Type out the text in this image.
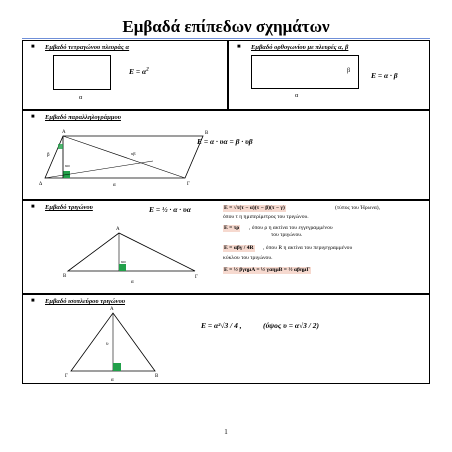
Εμβαδά επίπεδων σχημάτων
■ Εμβαδό τετραγώνου πλευράς α
α
$E = \alpha^2$
■ Εμβαδό ορθογωνίου με πλευρές α, β
β
α
Ε = α · β
■ Εμβαδό παραλληλογράμμου
Α	Β
Γ
Δ	α
β
υα
υβ
Ε = α · υα = β · υβ
■ Εμβαδό τριγώνου	Ε = ½ · α · υα
Α
Β	Γ
α
υα
Ε = √τ(τ − α)(τ − β)(τ − γ)	(τύπος του Ήρωνα),
όπου τ η ημιπερίμετρος του τριγώνου.
Ε = τρ , όπου ρ η ακτίνα του εγγεγραμμένου
του τριγώνου.
Ε = αβγ / 4R , όπου R η ακτίνα του περιγεγραμμένου
κύκλου του τριγώνου.
Ε = ½ βγημΑ = ½ γαημΒ = ½ αβημΓ
■ Εμβαδό ισοπλεύρου τριγώνου
Α
Γ	Β
α
υ
Ε = α²√3 / 4 ,	(ύψος υ = α√3 / 2)
1
